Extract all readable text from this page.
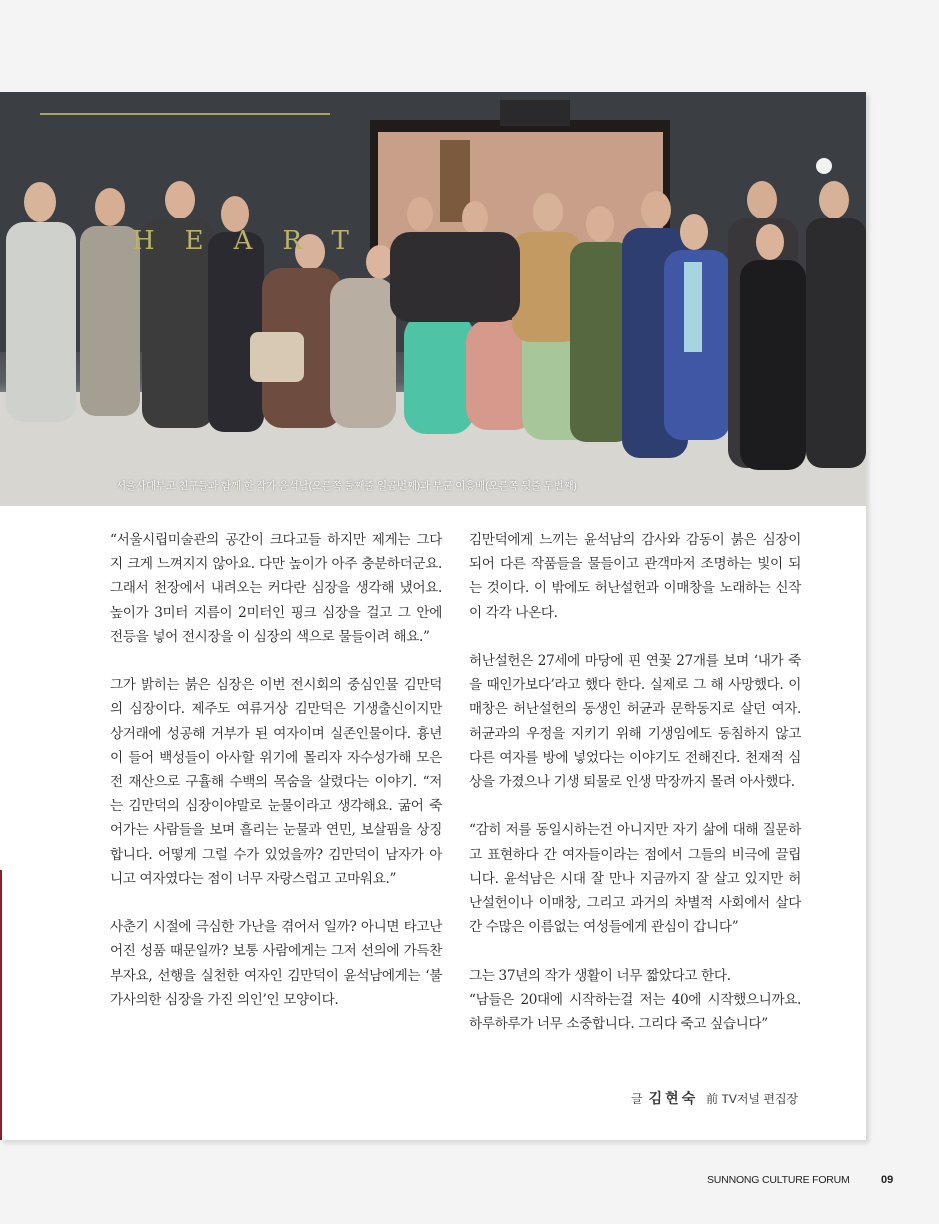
HEART
서울사대부고 친구들과 함께 한 작가 윤석남(오른쪽 둘째줄 일곱번째)과 부군 이흥배(오른쪽 뒷줄 두번째)

“서울시립미술관의 공간이 크다고들 하지만 제게는 그다지 크게 느껴지지 않아요. 다만 높이가 아주 충분하더군요. 그래서 천장에서 내려오는 커다란 심장을 생각해 냈어요. 높이가 3미터 지름이 2미터인 핑크 심장을 걸고 그 안에 전등을 넣어 전시장을 이 심장의 색으로 물들이려 해요.”

그가 밝히는 붉은 심장은 이번 전시회의 중심인물 김만덕의 심장이다. 제주도 여류거상 김만덕은 기생출신이지만 상거래에 성공해 거부가 된 여자이며 실존인물이다. 흉년이 들어 백성들이 아사할 위기에 몰리자 자수성가해 모은 전 재산으로 구휼해 수백의 목숨을 살렸다는 이야기. “저는 김만덕의 심장이야말로 눈물이라고 생각해요. 굶어 죽어가는 사람들을 보며 흘리는 눈물과 연민, 보살핌을 상징합니다. 어떻게 그럴 수가 있었을까? 김만덕이 남자가 아니고 여자였다는 점이 너무 자랑스럽고 고마워요.”

사춘기 시절에 극심한 가난을 겪어서 일까? 아니면 타고난 어진 성품 때문일까? 보통 사람에게는 그저 선의에 가득찬 부자요, 선행을 실천한 여자인 김만덕이 윤석남에게는 ‘불가사의한 심장을 가진 의인’인 모양이다.

김만덕에게 느끼는 윤석남의 감사와 감동이 붉은 심장이 되어 다른 작품들을 물들이고 관객마저 조명하는 빛이 되는 것이다. 이 밖에도 허난설헌과 이매창을 노래하는 신작이 각각 나온다.

허난설헌은 27세에 마당에 핀 연꽃 27개를 보며 ‘내가 죽을 때인가보다’라고 했다 한다. 실제로 그 해 사망했다. 이매창은 허난설헌의 동생인 허균과 문학동지로 살던 여자. 허균과의 우정을 지키기 위해 기생임에도 동침하지 않고 다른 여자를 방에 넣었다는 이야기도 전해진다. 천재적 심상을 가졌으나 기생 퇴물로 인생 막장까지 몰려 아사했다.

“감히 저를 동일시하는건 아니지만 자기 삶에 대해 질문하고 표현하다 간 여자들이라는 점에서 그들의 비극에 끌립니다. 윤석남은 시대 잘 만나 지금까지 잘 살고 있지만 허난설헌이나 이매창, 그리고 과거의 차별적 사회에서 살다간 수많은 이름없는 여성들에게 관심이 갑니다”

그는 37년의 작가 생활이 너무 짧았다고 한다.

“남들은 20대에 시작하는걸 저는 40에 시작했으니까요. 하루하루가 너무 소중합니다. 그리다 죽고 싶습니다”

글 김현숙 前 TV저널 편집장
SUNNONG CULTURE FORUM	09
